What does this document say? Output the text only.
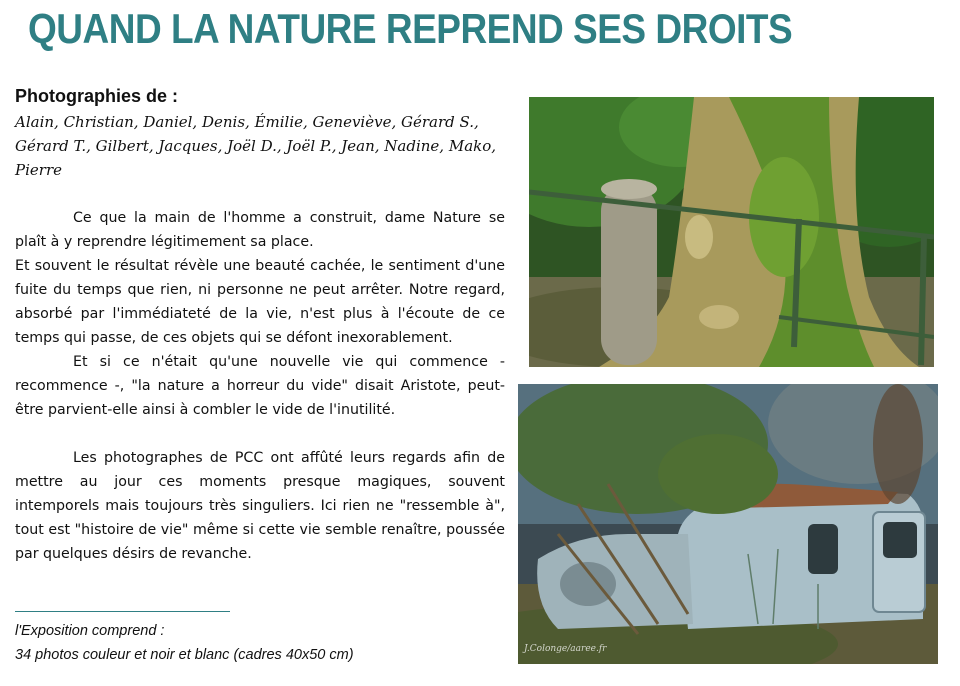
QUAND LA NATURE REPREND SES DROITS
Photographies de :
Alain, Christian, Daniel, Denis, Émilie, Geneviève, Gérard S., Gérard T., Gilbert, Jacques, Joël D., Joël P., Jean, Nadine, Mako, Pierre

Ce que la main de l'homme a construit, dame Nature se plaît à y reprendre légitimement sa place.

Et souvent le résultat révèle une beauté cachée, le sentiment d'une fuite du temps que rien, ni personne ne peut arrêter. Notre regard, absorbé par l'immédiateté de la vie, n'est plus à l'écoute de ce temps qui passe, de ces objets qui se défont inexorablement.

Et si ce n'était qu'une nouvelle vie qui commence - recommence -, "la nature a horreur du vide" disait Aristote, peut-être parvient-elle ainsi à combler le vide de l'inutilité.

Les photographes de PCC ont affûté leurs regards afin de mettre au jour ces moments presque magiques, souvent intemporels mais toujours très singuliers. Ici rien ne "ressemble à", tout est "histoire de vie" même si cette vie semble renaître, poussée par quelques désirs de revanche.

l'Exposition comprend :
34 photos couleur et noir et blanc (cadres 40x50 cm)	J.Colonge/aaree.fr
